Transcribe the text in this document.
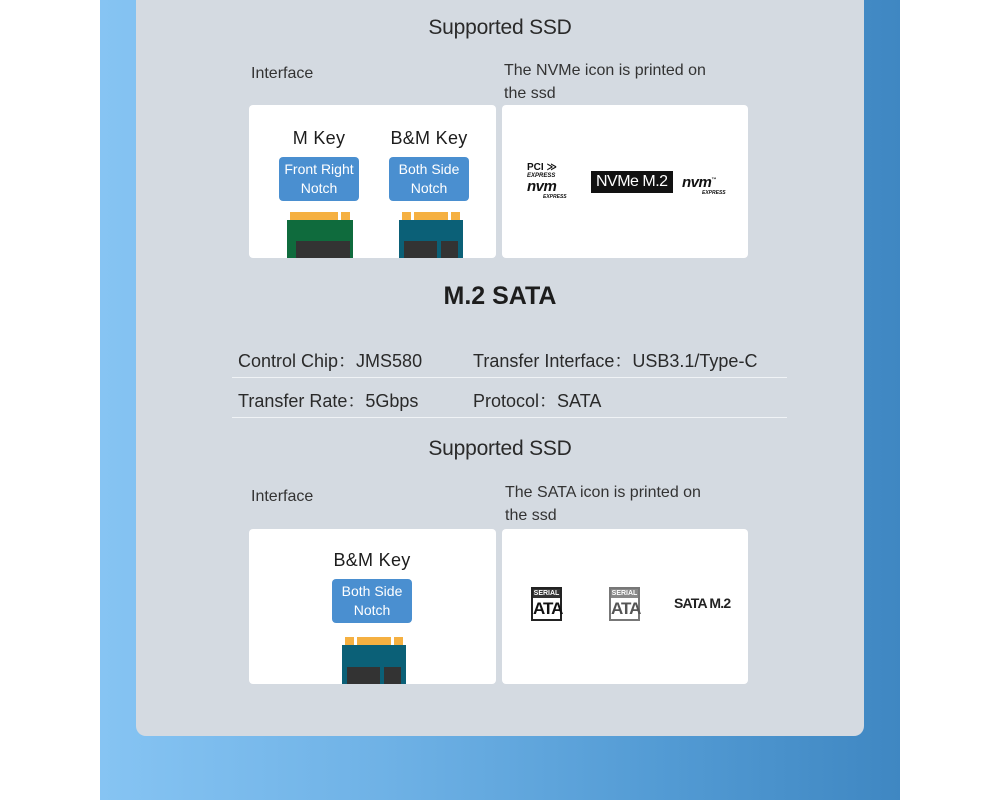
Supported SSD
Interface	The NVMe icon is printed on
the ssd
M Key
Front Right
Notch
B&M Key
Both Side
Notch
PCI ≫
EXPRESS
nvm
EXPRESS
NVMe M.2 nvm™
EXPRESS
M.2 SATA
Control Chip：JMS580	Transfer Interface：USB3.1/Type-C
Transfer Rate：5Gbps	Protocol：SATA
Supported SSD
Interface	The SATA icon is printed on
the ssd
B&M Key
Both Side
Notch
SERIAL
ATA
SERIAL
ATA SATA M.2
